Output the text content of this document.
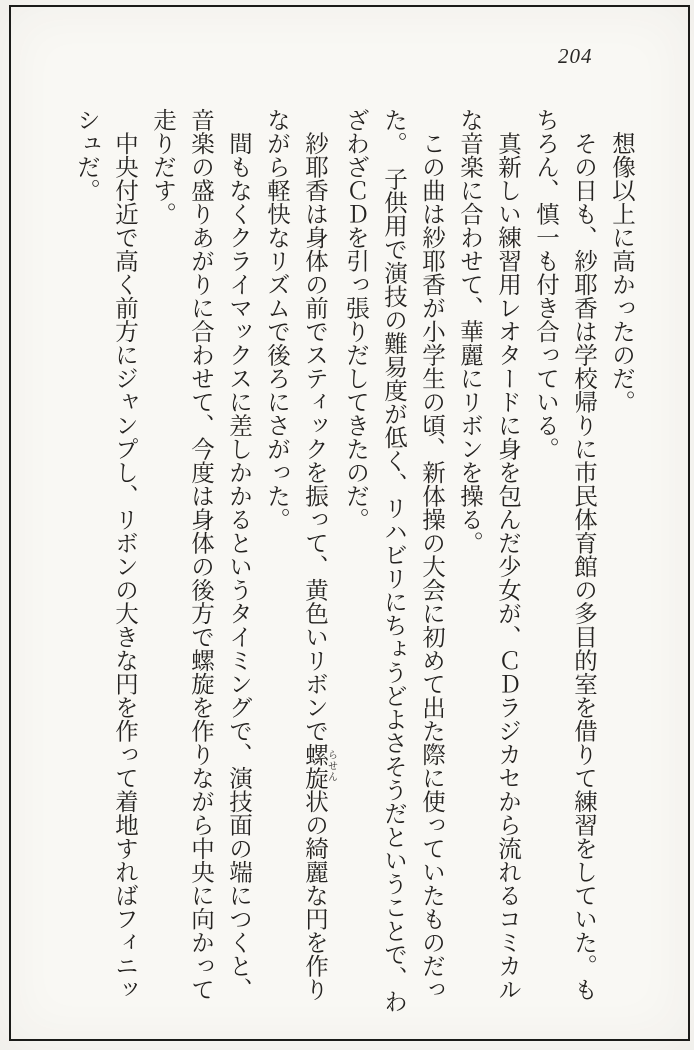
204
　想像以上に高かったのだ。
　その日も、紗耶香は学校帰りに市民体育館の多目的室を借りて練習をしていた。も
ちろん、慎一も付き合っている。
　真新しい練習用レオタードに身を包んだ少女が、ＣＤラジカセから流れるコミカル
な音楽に合わせて、華麗にリボンを操る。
　この曲は紗耶香が小学生の頃、新体操の大会に初めて出た際に使っていたものだっ
た。　子供用で演技の難易度が低く、リハビリにちょうどよさそうだということで、わ
ざわざＣＤを引っ張りだしてきたのだ。
　紗耶香は身体の前でスティックを振って、黄色いリボンで螺旋らせん状の綺麗な円を作り
ながら軽快なリズムで後ろにさがった。
　間もなくクライマックスに差しかかるというタイミングで、演技面の端につくと、
音楽の盛りあがりに合わせて、今度は身体の後方で螺旋を作りながら中央に向かって
走りだす。
　中央付近で高く前方にジャンプし、リボンの大きな円を作って着地すればフィニッ
シュだ。
